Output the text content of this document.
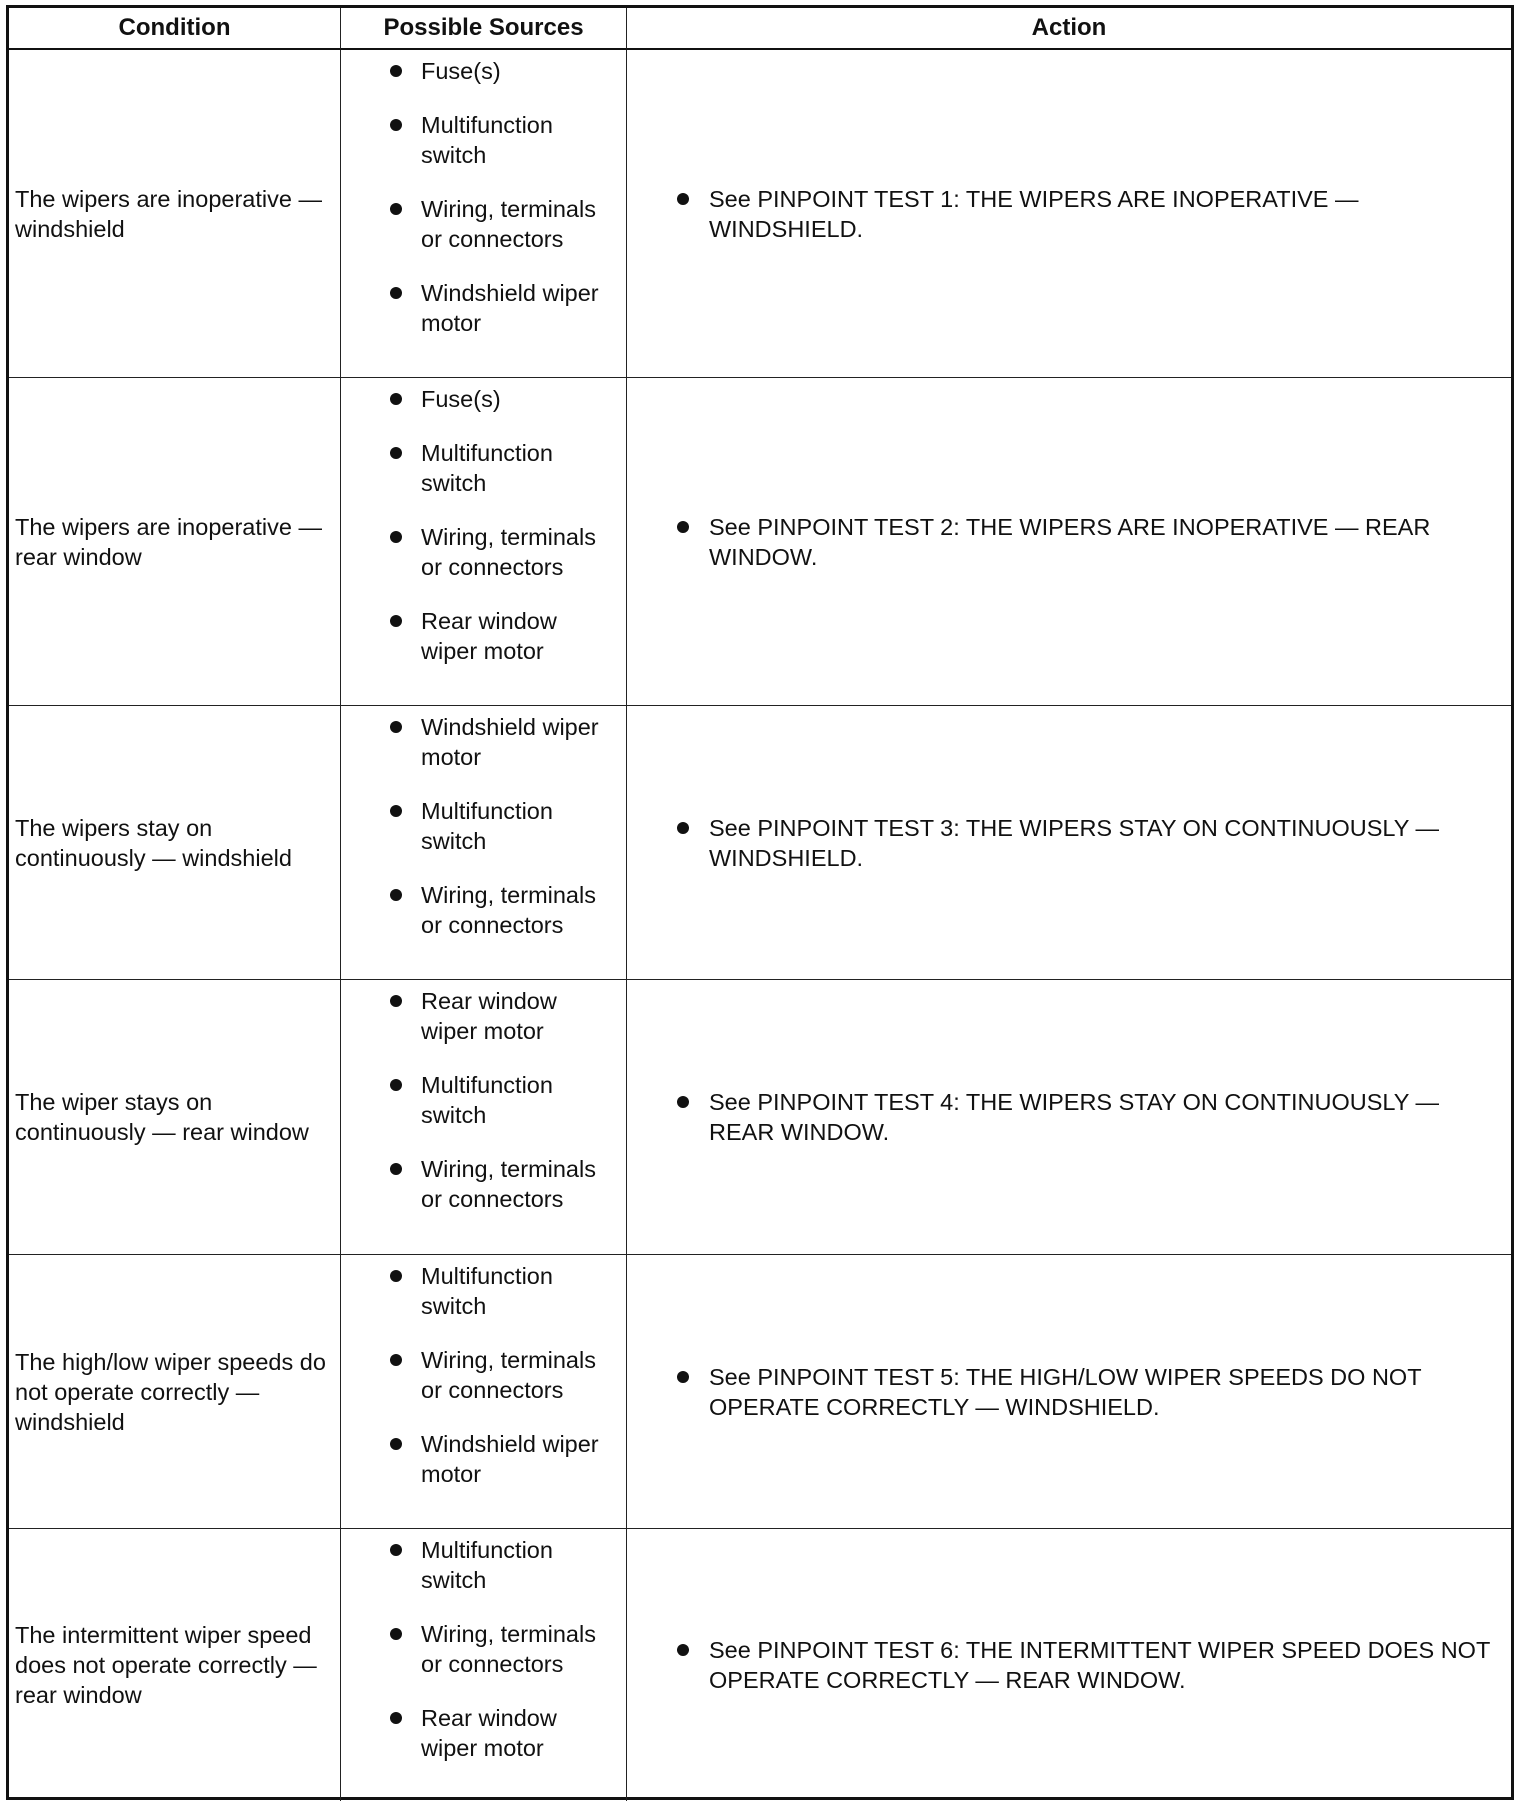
Condition	Possible Sources	Action
The wipers are inoperative — windshield
Fuse(s)
Multifunction switch
Wiring, terminals or connectors
Windshield wiper motor
See PINPOINT TEST 1: THE WIPERS ARE INOPERATIVE — WINDSHIELD.
The wipers are inoperative — rear window
Fuse(s)
Multifunction switch
Wiring, terminals or connectors
Rear window wiper motor
See PINPOINT TEST 2: THE WIPERS ARE INOPERATIVE — REAR WINDOW.
The wipers stay on continuously — windshield
Windshield wiper motor
Multifunction switch
Wiring, terminals or connectors
See PINPOINT TEST 3: THE WIPERS STAY ON CONTINUOUSLY — WINDSHIELD.
The wiper stays on continuously — rear window
Rear window wiper motor
Multifunction switch
Wiring, terminals or connectors
See PINPOINT TEST 4: THE WIPERS STAY ON CONTINUOUSLY — REAR WINDOW.
The high/low wiper speeds do not operate correctly — windshield
Multifunction switch
Wiring, terminals or connectors
Windshield wiper motor
See PINPOINT TEST 5: THE HIGH/LOW WIPER SPEEDS DO NOT OPERATE CORRECTLY — WINDSHIELD.
The intermittent wiper speed does not operate correctly — rear window
Multifunction switch
Wiring, terminals or connectors
Rear window wiper motor
See PINPOINT TEST 6: THE INTERMITTENT WIPER SPEED DOES NOT OPERATE CORRECTLY — REAR WINDOW.
